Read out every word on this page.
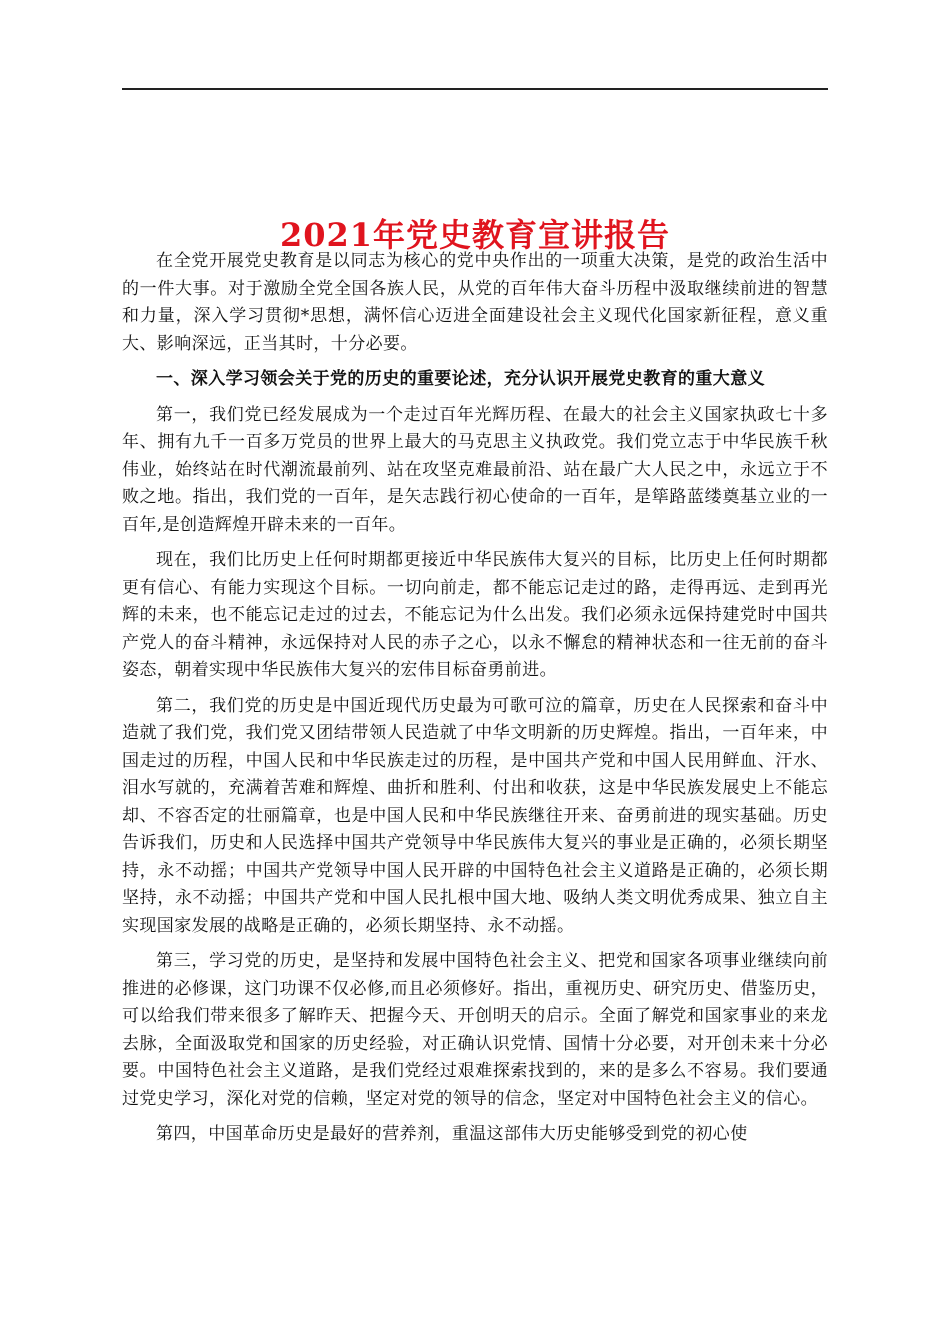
2021年党史教育宣讲报告

在全党开展党史教育是以同志为核心的党中央作出的一项重大决策，是党的政治生活中的一件大事。对于激励全党全国各族人民，从党的百年伟大奋斗历程中汲取继续前进的智慧和力量，深入学习贯彻*思想，满怀信心迈进全面建设社会主义现代化国家新征程，意义重大、影响深远，正当其时，十分必要。

一、深入学习领会关于党的历史的重要论述，充分认识开展党史教育的重大意义

第一，我们党已经发展成为一个走过百年光辉历程、在最大的社会主义国家执政七十多年、拥有九千一百多万党员的世界上最大的马克思主义执政党。我们党立志于中华民族千秋伟业，始终站在时代潮流最前列、站在攻坚克难最前沿、站在最广大人民之中，永远立于不败之地。指出，我们党的一百年，是矢志践行初心使命的一百年，是筚路蓝缕奠基立业的一百年,是创造辉煌开辟未来的一百年。

现在，我们比历史上任何时期都更接近中华民族伟大复兴的目标，比历史上任何时期都更有信心、有能力实现这个目标。一切向前走，都不能忘记走过的路，走得再远、走到再光辉的未来，也不能忘记走过的过去，不能忘记为什么出发。我们必须永远保持建党时中国共产党人的奋斗精神，永远保持对人民的赤子之心，以永不懈怠的精神状态和一往无前的奋斗姿态，朝着实现中华民族伟大复兴的宏伟目标奋勇前进。

第二，我们党的历史是中国近现代历史最为可歌可泣的篇章，历史在人民探索和奋斗中造就了我们党，我们党又团结带领人民造就了中华文明新的历史辉煌。指出，一百年来，中国走过的历程，中国人民和中华民族走过的历程，是中国共产党和中国人民用鲜血、汗水、泪水写就的，充满着苦难和辉煌、曲折和胜利、付出和收获，这是中华民族发展史上不能忘却、不容否定的壮丽篇章，也是中国人民和中华民族继往开来、奋勇前进的现实基础。历史告诉我们，历史和人民选择中国共产党领导中华民族伟大复兴的事业是正确的，必须长期坚持，永不动摇；中国共产党领导中国人民开辟的中国特色社会主义道路是正确的，必须长期坚持，永不动摇；中国共产党和中国人民扎根中国大地、吸纳人类文明优秀成果、独立自主实现国家发展的战略是正确的，必须长期坚持、永不动摇。

第三，学习党的历史，是坚持和发展中国特色社会主义、把党和国家各项事业继续向前推进的必修课，这门功课不仅必修,而且必须修好。指出，重视历史、研究历史、借鉴历史，可以给我们带来很多了解昨天、把握今天、开创明天的启示。全面了解党和国家事业的来龙去脉，全面汲取党和国家的历史经验，对正确认识党情、国情十分必要，对开创未来十分必要。中国特色社会主义道路，是我们党经过艰难探索找到的，来的是多么不容易。我们要通过党史学习，深化对党的信赖，坚定对党的领导的信念，坚定对中国特色社会主义的信心。

第四，中国革命历史是最好的营养剂，重温这部伟大历史能够受到党的初心使
